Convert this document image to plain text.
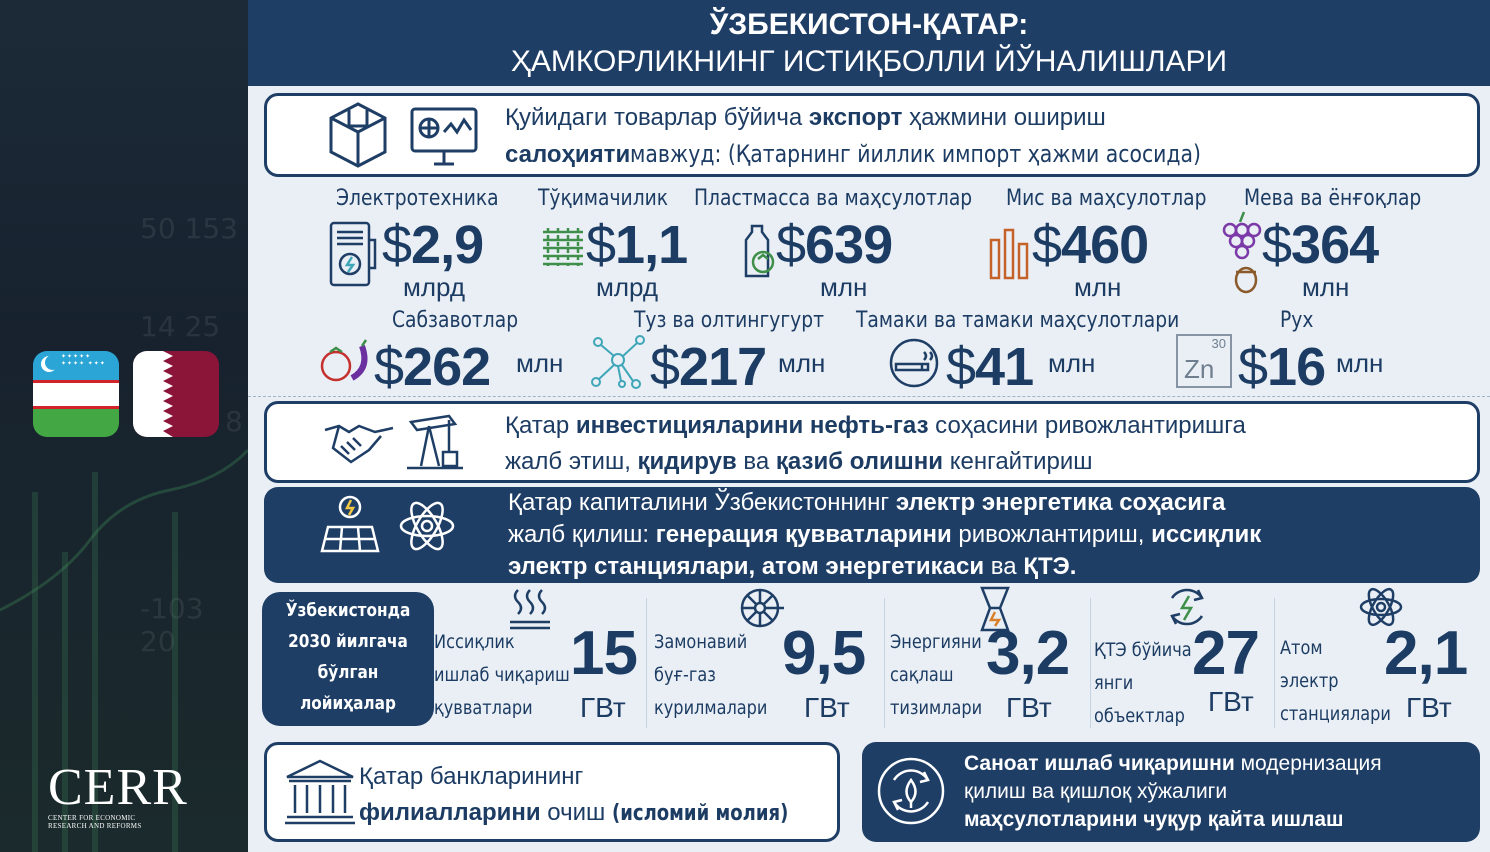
50 153
14 25
8
-103 20
✦✦✦✦✦ ✦✦✦✦ ✦✦✦
CERR
CENTER FOR ECONOMIC
RESEARCH AND REFORMS
ЎЗБЕКИСТОН-ҚАТАР:
ҲАМКОРЛИКНИНГ ИСТИҚБОЛЛИ ЙЎНАЛИШЛАРИ
Қуйидаги товарлар бўйича экспорт ҳажмини ошириш
салоҳиятимавжуд: (Қатарнинг йиллик импорт ҳажми асосида)
Электротехника
$2,9
млрд
Тўқимачилик
$1,1
млрд
Пластмасса ва маҳсулотлар
$639
млн
Мис ва маҳсулотлар
$460
млн
Мева ва ёнғоқлар
$364
млн
Сабзавотлар
$262 млн
Туз ва олтингугурт
$217 млн
Тамаки ва тамаки маҳсулотлари
$41 млн
Рух
30
Zn $16 млн
Қатар инвестицияларини нефть-газ соҳасини ривожлантиришга
жалб этиш, қидирув ва қазиб олишни кенгайтириш
Қатар капиталини Ўзбекистоннинг электр энергетика соҳасига
жалб қилиш: генерация қувватларини ривожлантириш, иссиқлик
электр станциялари, атом энергетикаси ва ҚТЭ.
Ўзбекистонда
2030 йилгача
бўлган
лойиҳалар
Иссиқлик
ишлаб чиқариш
қувватлари
15
ГВт
Замонавий
буғ-газ
курилмалари
9,5
ГВт
Энергияни
сақлаш
тизимлари
3,2
ГВт
ҚТЭ бўйича
янги
объектлар
27
ГВт
Атом
электр
станциялари
2,1
ГВт
Қатар банкларининг
филиалларини очиш (исломий молия)
Саноат ишлаб чиқаришни модернизация
қилиш ва қишлоқ хўжалиги
маҳсулотларини чуқур қайта ишлаш
